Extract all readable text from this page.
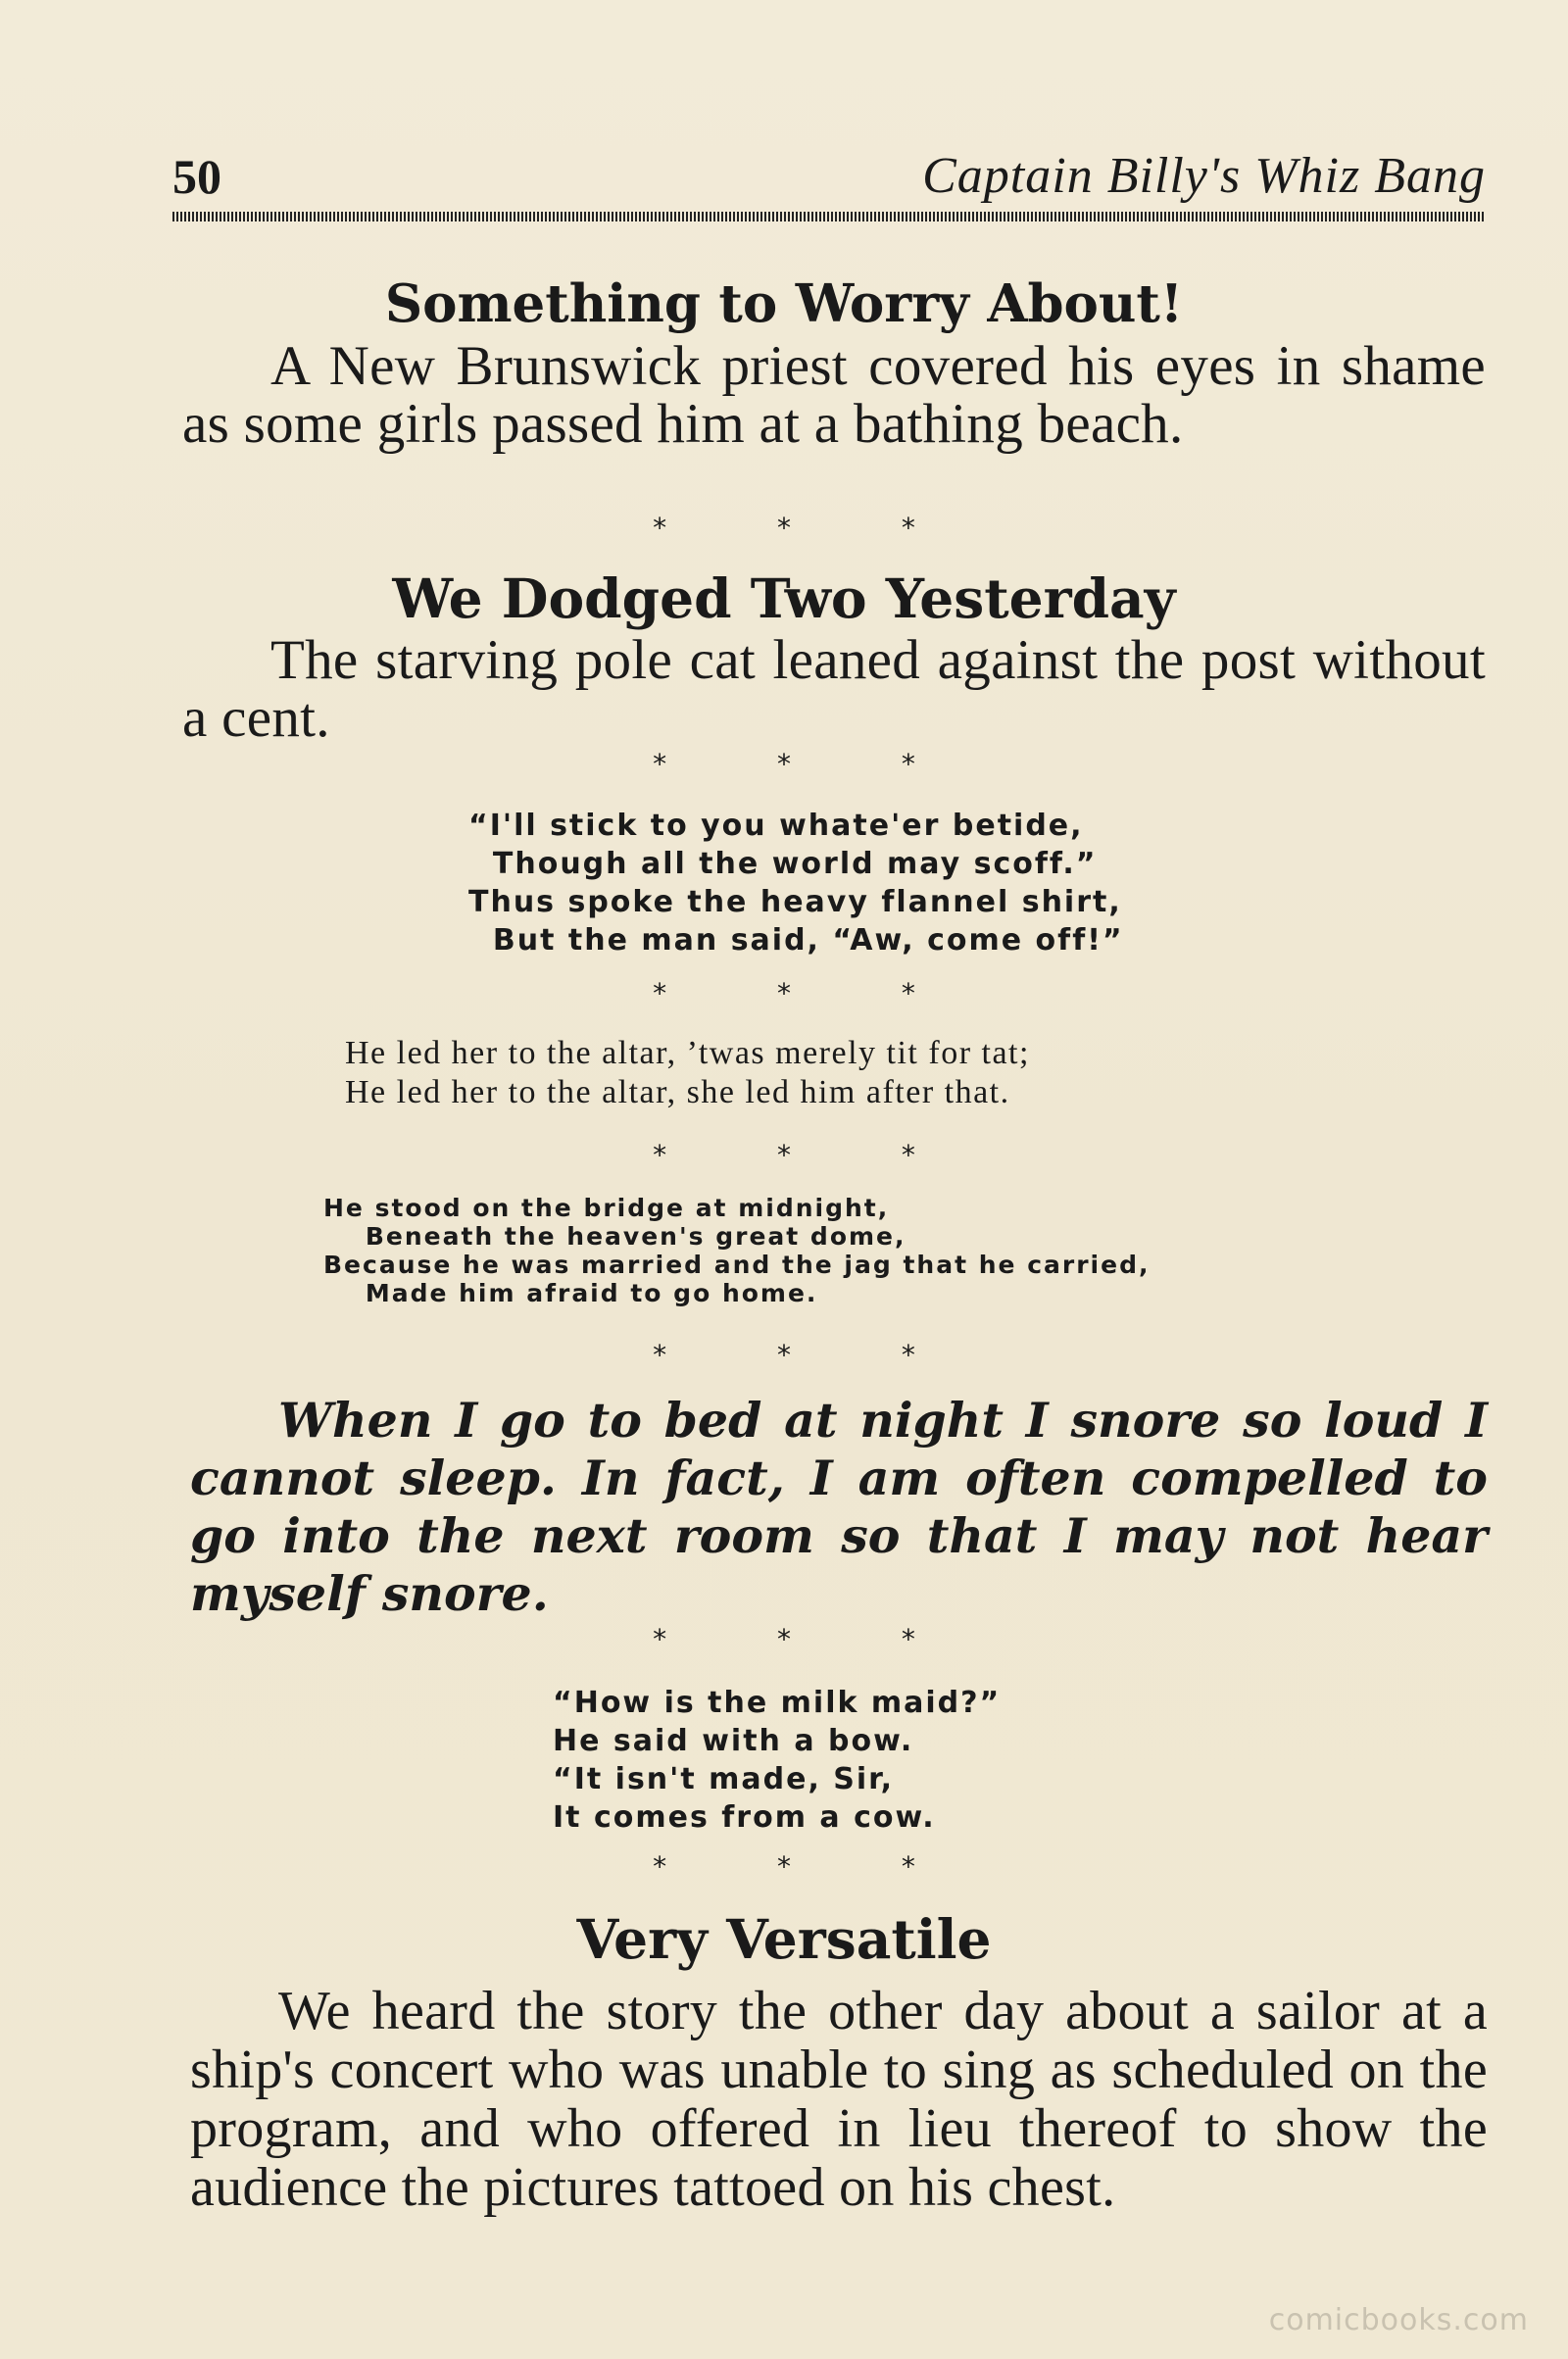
50	Captain Billy's Whiz Bang
Something to Worry About!
A New Brunswick priest covered his eyes in shame as some girls passed him at a bathing beach.
* * *
We Dodged Two Yesterday
The starving pole cat leaned against the post without a cent.
* * *
“I'll stick to you whate'er betide,
Though all the world may scoff.”
Thus spoke the heavy flannel shirt,
But the man said, “Aw, come off!”
* * *
He led her to the altar, ’twas merely tit for tat;
He led her to the altar, she led him after that.
* * *
He stood on the bridge at midnight,
Beneath the heaven's great dome,
Because he was married and the jag that he carried,
Made him afraid to go home.
* * *
When I go to bed at night I snore so loud I cannot sleep. In fact, I am often compelled to go into the next room so that I may not hear myself snore.
* * *
“How is the milk maid?”
He said with a bow.
“It isn't made, Sir,
It comes from a cow.
* * *
Very Versatile
We heard the story the other day about a sailor at a ship's concert who was unable to sing as scheduled on the program, and who offered in lieu thereof to show the audience the pictures tattoed on his chest.
comicbooks.com
